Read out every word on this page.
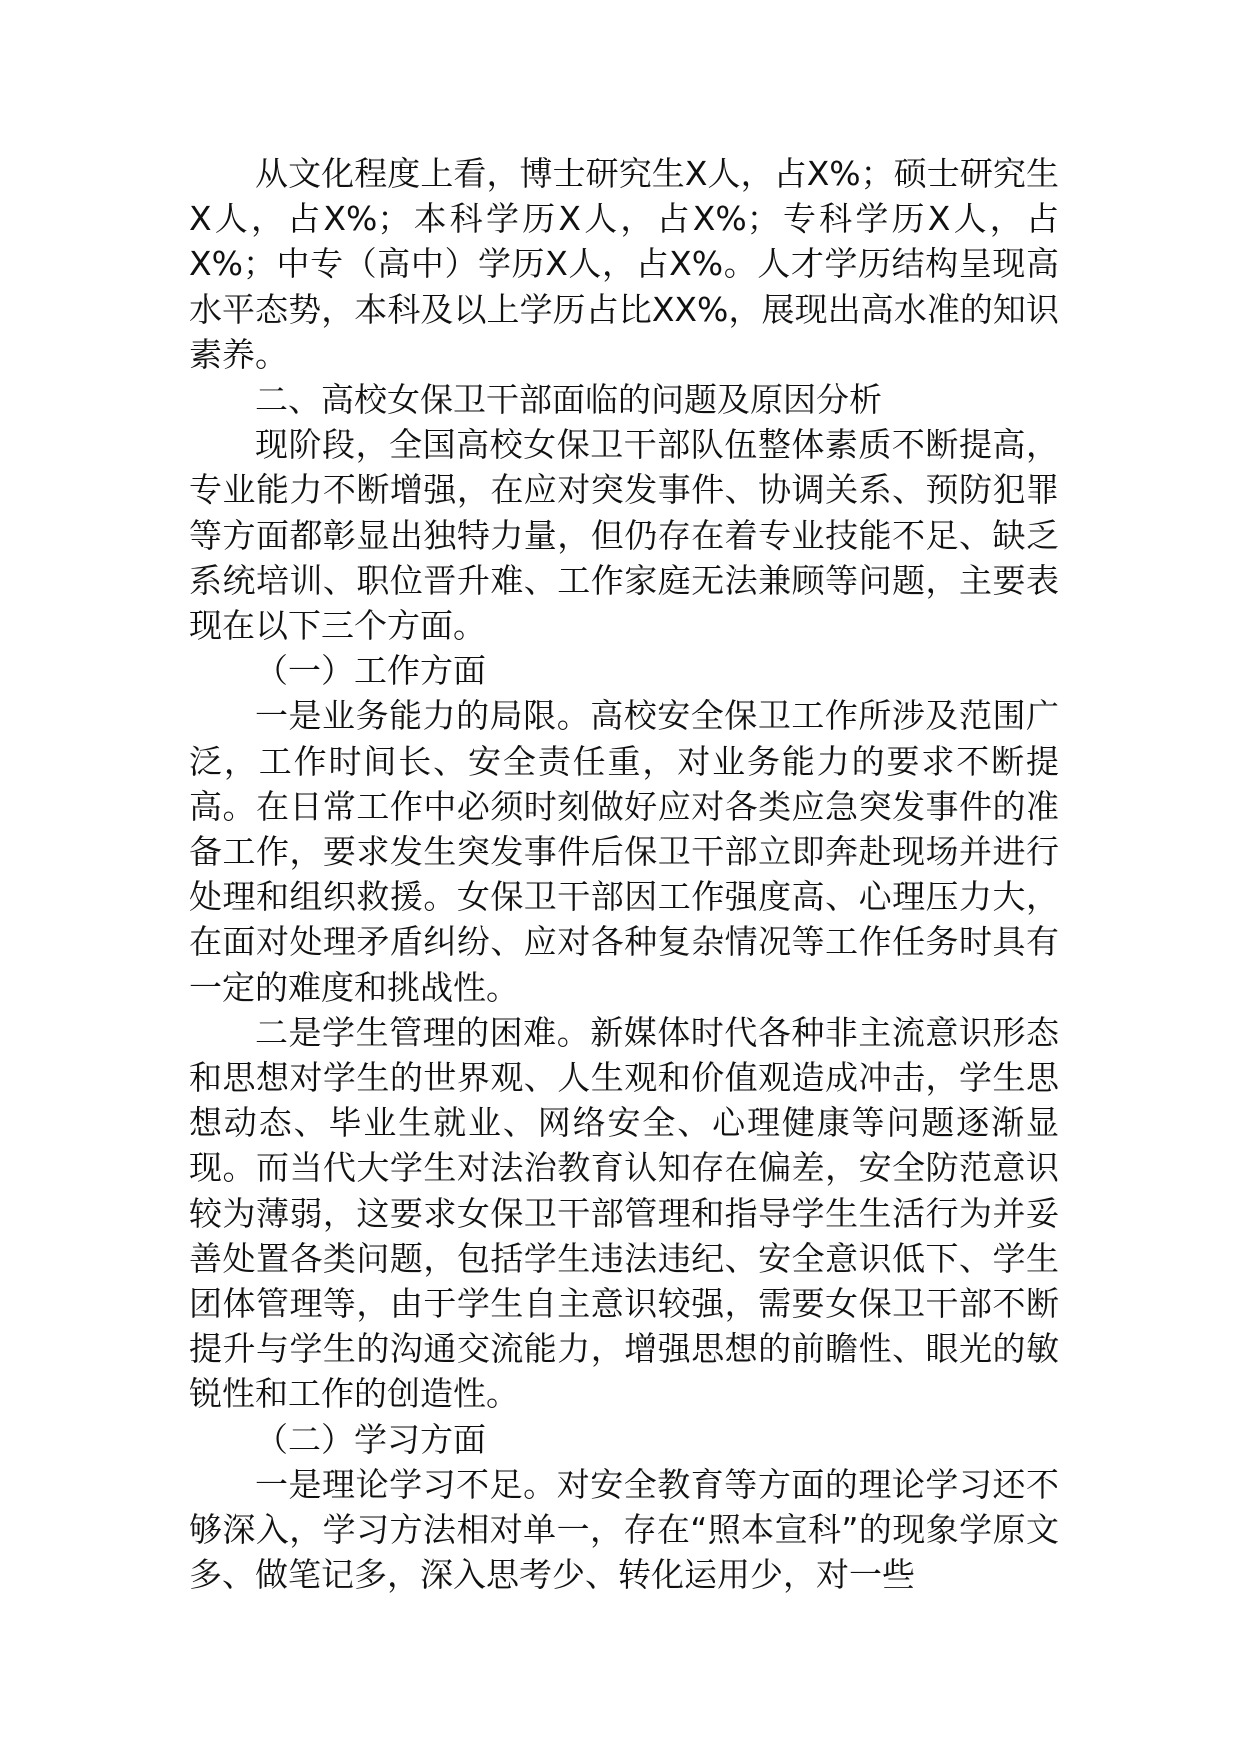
从文化程度上看，博士研究生X人，占X%；硕士研究生X人，占X%；本科学历X人，占X%；专科学历X人，占X%；中专（高中）学历X人，占X%。人才学历结构呈现高水平态势，本科及以上学历占比XX%，展现出高水准的知识素养。

二、高校女保卫干部面临的问题及原因分析

现阶段，全国高校女保卫干部队伍整体素质不断提高，专业能力不断增强，在应对突发事件、协调关系、预防犯罪等方面都彰显出独特力量，但仍存在着专业技能不足、缺乏系统培训、职位晋升难、工作家庭无法兼顾等问题，主要表现在以下三个方面。

（一）工作方面

一是业务能力的局限。高校安全保卫工作所涉及范围广泛，工作时间长、安全责任重，对业务能力的要求不断提高。在日常工作中必须时刻做好应对各类应急突发事件的准备工作，要求发生突发事件后保卫干部立即奔赴现场并进行处理和组织救援。女保卫干部因工作强度高、心理压力大，在面对处理矛盾纠纷、应对各种复杂情况等工作任务时具有一定的难度和挑战性。

二是学生管理的困难。新媒体时代各种非主流意识形态和思想对学生的世界观、人生观和价值观造成冲击，学生思想动态、毕业生就业、网络安全、心理健康等问题逐渐显现。而当代大学生对法治教育认知存在偏差，安全防范意识较为薄弱，这要求女保卫干部管理和指导学生生活行为并妥善处置各类问题，包括学生违法违纪、安全意识低下、学生团体管理等，由于学生自主意识较强，需要女保卫干部不断提升与学生的沟通交流能力，增强思想的前瞻性、眼光的敏锐性和工作的创造性。

（二）学习方面

一是理论学习不足。对安全教育等方面的理论学习还不够深入，学习方法相对单一，存在“照本宣科”的现象学原文多、做笔记多，深入思考少、转化运用少，对一些
